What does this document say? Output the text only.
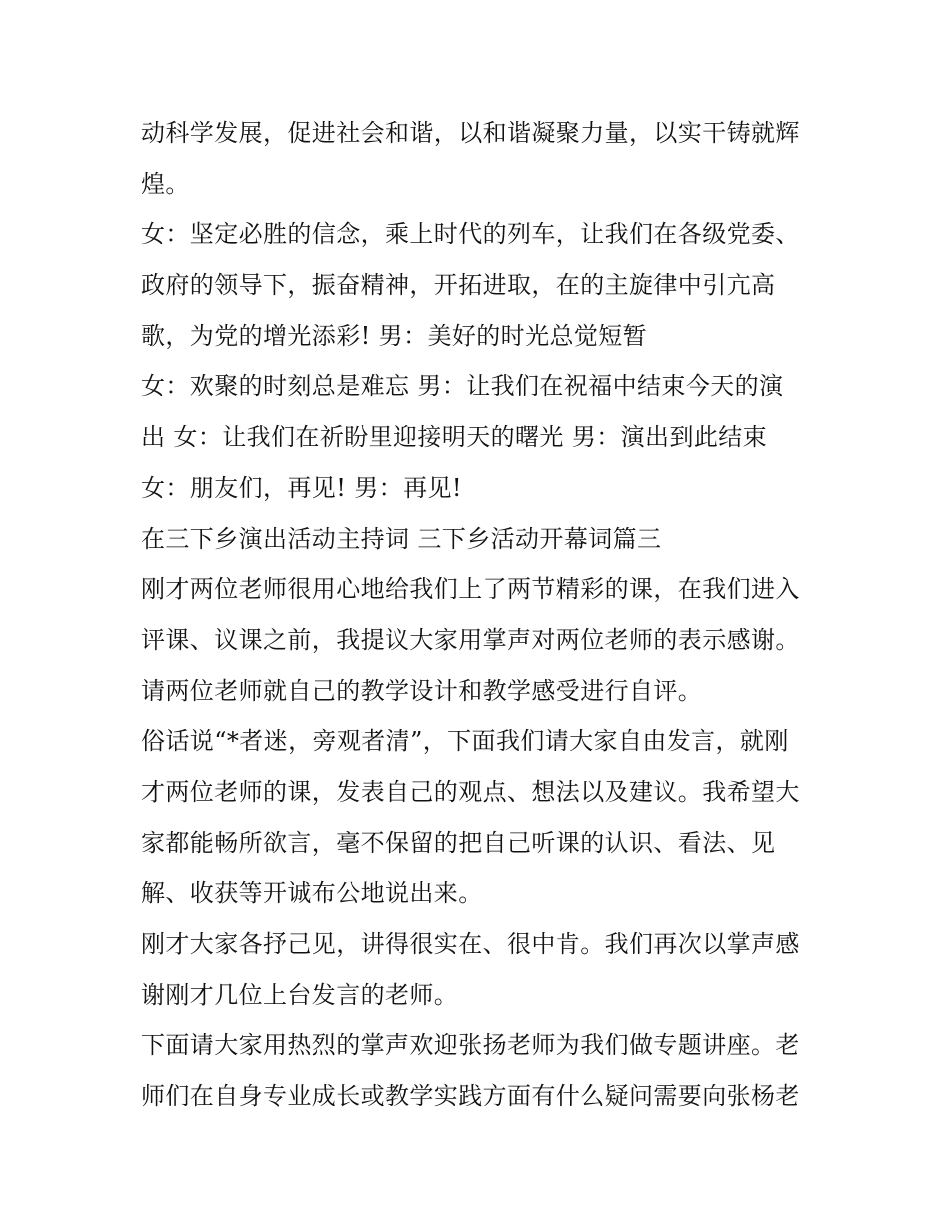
动科学发展，促进社会和谐，以和谐凝聚力量，以实干铸就辉
煌。
女：坚定必胜的信念，乘上时代的列车，让我们在各级党委、
政府的领导下，振奋精神，开拓进取，在的主旋律中引亢高
歌，为党的增光添彩! 男：美好的时光总觉短暂
女：欢聚的时刻总是难忘 男：让我们在祝福中结束今天的演
出 女：让我们在祈盼里迎接明天的曙光 男：演出到此结束
女：朋友们，再见! 男：再见!
在三下乡演出活动主持词 三下乡活动开幕词篇三
刚才两位老师很用心地给我们上了两节精彩的课，在我们进入
评课、议课之前，我提议大家用掌声对两位老师的表示感谢。
请两位老师就自己的教学设计和教学感受进行自评。
俗话说“*者迷，旁观者清”，下面我们请大家自由发言，就刚
才两位老师的课，发表自己的观点、想法以及建议。我希望大
家都能畅所欲言，毫不保留的把自己听课的认识、看法、见
解、收获等开诚布公地说出来。
刚才大家各抒己见，讲得很实在、很中肯。我们再次以掌声感
谢刚才几位上台发言的老师。
下面请大家用热烈的掌声欢迎张扬老师为我们做专题讲座。老
师们在自身专业成长或教学实践方面有什么疑问需要向张杨老
